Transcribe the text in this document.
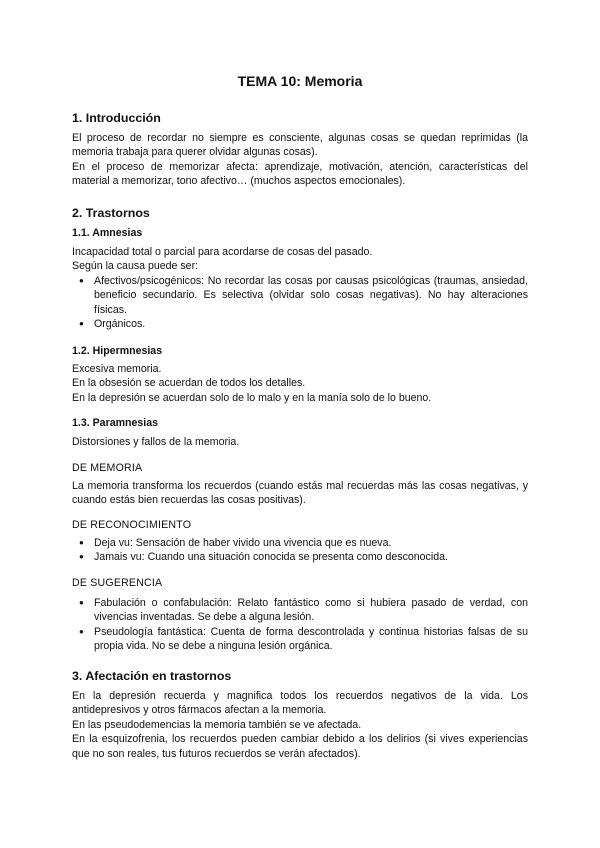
TEMA 10: Memoria
1. Introducción

El proceso de recordar no siempre es consciente, algunas cosas se quedan reprimidas (la memoria trabaja para querer olvidar algunas cosas).

En el proceso de memorizar afecta: aprendizaje, motivación, atención, características del material a memorizar, tono afectivo… (muchos aspectos emocionales).

2. Trastornos
1.1. Amnesias

Incapacidad total o parcial para acordarse de cosas del pasado.

Según la causa puede ser:

● Afectivos/psicogénicos: No recordar las cosas por causas psicológicas (traumas, ansiedad, beneficio secundario. Es selectiva (olvidar solo cosas negativas). No hay alteraciones físicas.
● Orgánicos.
1.2. Hipermnesias

Excesiva memoria.

En la obsesión se acuerdan de todos los detalles.

En la depresión se acuerdan solo de lo malo y en la manía solo de lo bueno.

1.3. Paramnesias

Distorsiones y fallos de la memoria.

DE MEMORIA

La memoria transforma los recuerdos (cuando estás mal recuerdas más las cosas negativas, y cuando estás bien recuerdas las cosas positivas).

DE RECONOCIMIENTO
● Deja vu: Sensación de haber vivido una vivencia que es nueva.
● Jamais vu: Cuando una situación conocida se presenta como desconocida.
DE SUGERENCIA
● Fabulación o confabulación: Relato fantástico como si hubiera pasado de verdad, con vivencias inventadas. Se debe a alguna lesión.
● Pseudología fantástica: Cuenta de forma descontrolada y continua historias falsas de su propia vida. No se debe a ninguna lesión orgánica.
3. Afectación en trastornos

En la depresión recuerda y magnifica todos los recuerdos negativos de la vida. Los antidepresivos y otros fármacos afectan a la memoria.

En las pseudodemencias la memoria también se ve afectada.

En la esquizofrenia, los recuerdos pueden cambiar debido a los delirios (si vives experiencias que no son reales, tus futuros recuerdos se verán afectados).
